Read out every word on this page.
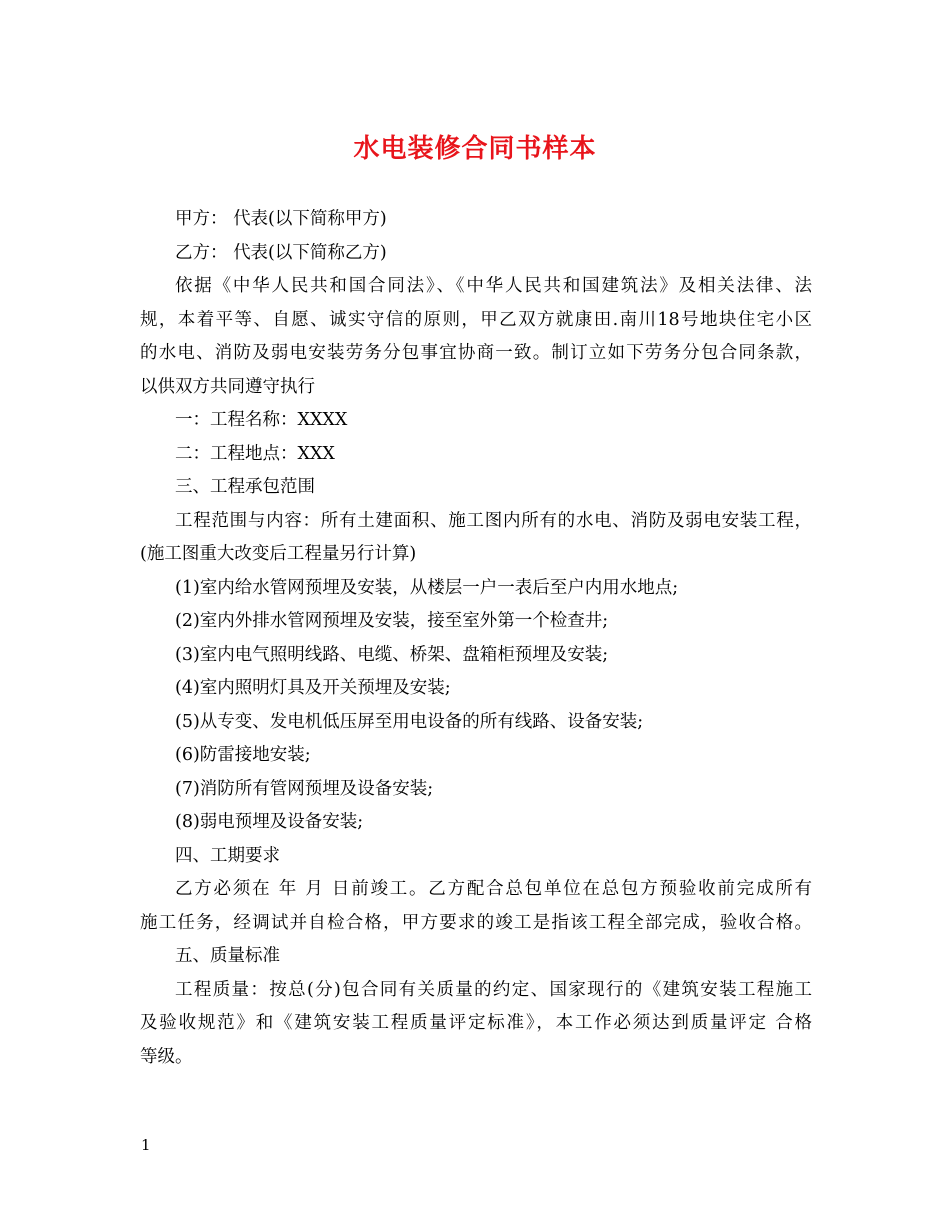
水电装修合同书样本

甲方： 代表(以下简称甲方)

乙方： 代表(以下简称乙方)

依据《中华人民共和国合同法》、《中华人民共和国建筑法》及相关法律、法

规，本着平等、自愿、诚实守信的原则，甲乙双方就康田.南川18号地块住宅小区

的水电、消防及弱电安装劳务分包事宜协商一致。制订立如下劳务分包合同条款，

以供双方共同遵守执行

一：工程名称：XXXX

二：工程地点：XXX

三、工程承包范围

工程范围与内容：所有土建面积、施工图内所有的水电、消防及弱电安装工程，

(施工图重大改变后工程量另行计算)

(1)室内给水管网预埋及安装，从楼层一户一表后至户内用水地点;

(2)室内外排水管网预埋及安装，接至室外第一个检查井;

(3)室内电气照明线路、电缆、桥架、盘箱柜预埋及安装;

(4)室内照明灯具及开关预埋及安装;

(5)从专变、发电机低压屏至用电设备的所有线路、设备安装;

(6)防雷接地安装;

(7)消防所有管网预埋及设备安装;

(8)弱电预埋及设备安装;

四、工期要求

乙方必须在 年 月 日前竣工。乙方配合总包单位在总包方预验收前完成所有

施工任务，经调试并自检合格，甲方要求的竣工是指该工程全部完成，验收合格。

五、质量标准

工程质量：按总(分)包合同有关质量的约定、国家现行的《建筑安装工程施工

及验收规范》和《建筑安装工程质量评定标准》，本工作必须达到质量评定 合格

等级。

1
